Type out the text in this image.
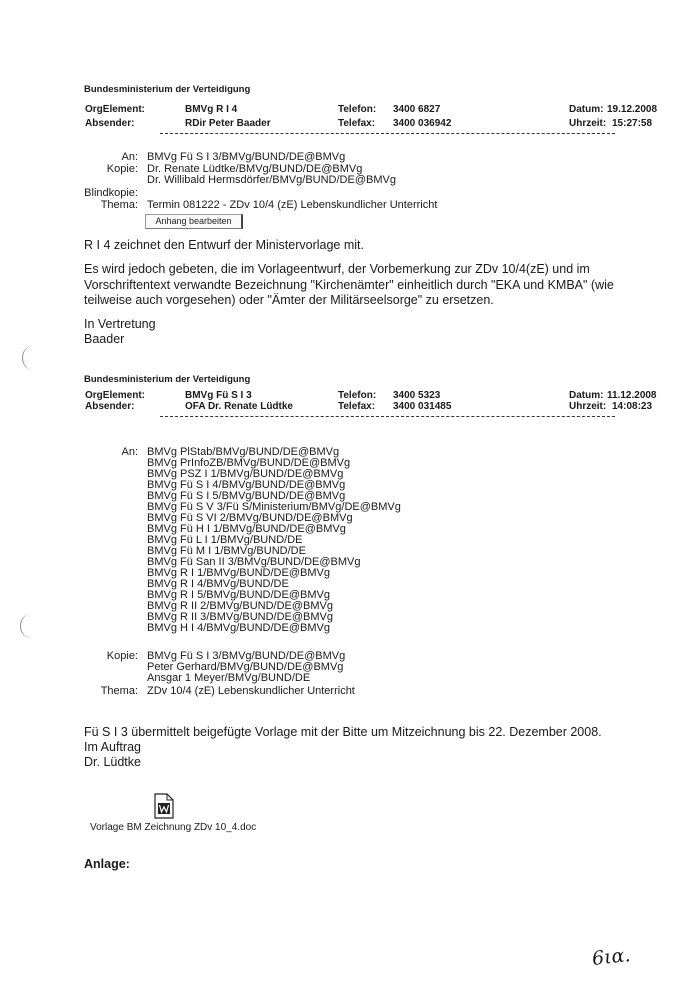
Bundesministerium der Verteidigung
OrgElement:	BMVg R I 4	Telefon: 3400 6827	Datum: 19.12.2008
Absender:	RDir Peter Baader	Telefax: 3400 036942	Uhrzeit: 15:27:58
An: BMVg Fü S I 3/BMVg/BUND/DE@BMVg
Kopie: Dr. Renate Lüdtke/BMVg/BUND/DE@BMVg
Dr. Willibald Hermsdörfer/BMVg/BUND/DE@BMVg
Blindkopie:
Thema: Termin 081222 - ZDv 10/4 (zE) Lebenskundlicher Unterricht
Anhang bearbeiten
R I 4 zeichnet den Entwurf der Ministervorlage mit.
Es wird jedoch gebeten, die im Vorlageentwurf, der Vorbemerkung zur ZDv 10/4(zE) und im Vorschriftentext verwandte Bezeichnung "Kirchenämter" einheitlich durch "EKA und KMBA" (wie teilweise auch vorgesehen) oder "Ämter der Militärseelsorge" zu ersetzen.
In Vertretung
Baader
Bundesministerium der Verteidigung
OrgElement:	BMVg Fü S I 3	Telefon: 3400 5323	Datum: 11.12.2008
Absender:	OFA Dr. Renate Lüdtke	Telefax: 3400 031485	Uhrzeit: 14:08:23
An: BMVg PlStab/BMVg/BUND/DE@BMVg
BMVg PrInfoZB/BMVg/BUND/DE@BMVg
BMVg PSZ I 1/BMVg/BUND/DE@BMVg
BMVg Fü S I 4/BMVg/BUND/DE@BMVg
BMVg Fü S I 5/BMVg/BUND/DE@BMVg
BMVg Fü S V 3/Fü S/Ministerium/BMVg/DE@BMVg
BMVg Fü S VI 2/BMVg/BUND/DE@BMVg
BMVg Fü H I 1/BMVg/BUND/DE@BMVg
BMVg Fü L I 1/BMVg/BUND/DE
BMVg Fü M I 1/BMVg/BUND/DE
BMVg Fü San II 3/BMVg/BUND/DE@BMVg
BMVg R I 1/BMVg/BUND/DE@BMVg
BMVg R I 4/BMVg/BUND/DE
BMVg R I 5/BMVg/BUND/DE@BMVg
BMVg R II 2/BMVg/BUND/DE@BMVg
BMVg R II 3/BMVg/BUND/DE@BMVg
BMVg H I 4/BMVg/BUND/DE@BMVg
Kopie: BMVg Fü S I 3/BMVg/BUND/DE@BMVg
Peter Gerhard/BMVg/BUND/DE@BMVg
Ansgar 1 Meyer/BMVg/BUND/DE
Thema: ZDv 10/4 (zE) Lebenskundlicher Unterricht
Fü S I 3 übermittelt beigefügte Vorlage mit der Bitte um Mitzeichnung bis 22. Dezember 2008.
Im Auftrag
Dr. Lüdtke
Vorlage BM Zeichnung ZDv 10_4.doc
Anlage:
6ια.
